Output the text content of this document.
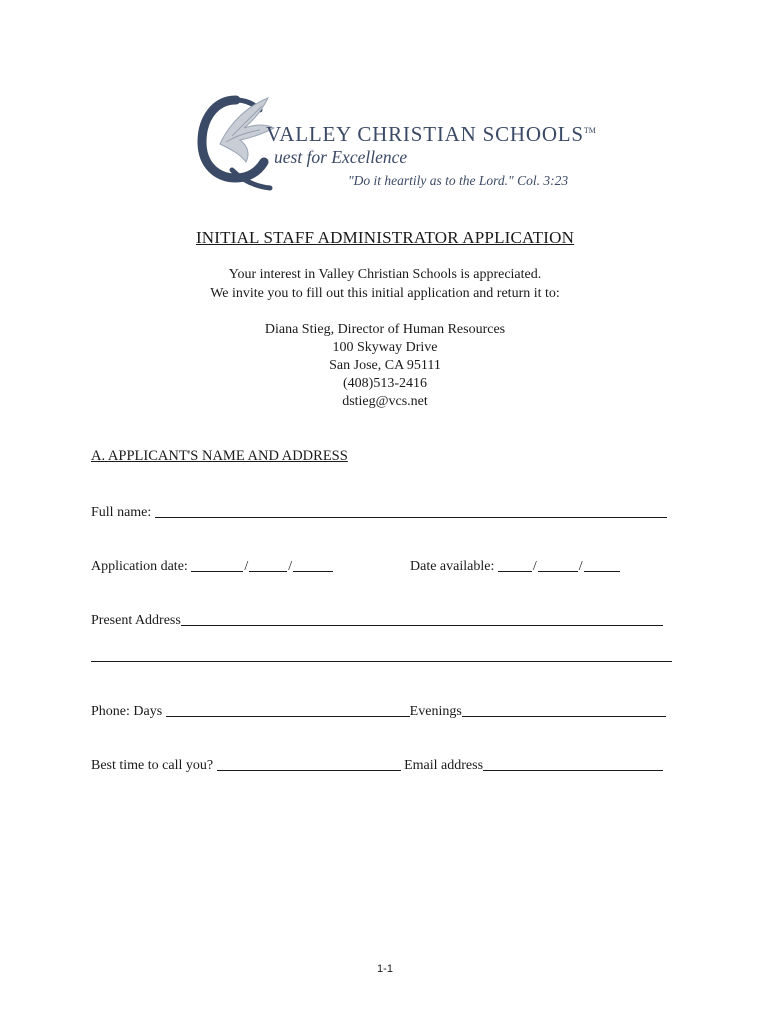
VALLEY CHRISTIAN SCHOOLS™
uest for Excellence
"Do it heartily as to the Lord." Col. 3:23
INITIAL STAFF ADMINISTRATOR APPLICATION
Your interest in Valley Christian Schools is appreciated.
We invite you to fill out this initial application and return it to:
Diana Stieg, Director of Human Resources
100 Skyway Drive
San Jose, CA 95111
(408)513-2416
dstieg@vcs.net
A. APPLICANT'S NAME AND ADDRESS
Full name:
Application date:	/	/	Date available:	/	/
Present Address
Phone: Days	Evenings
Best time to call you?	Email address
1-1
